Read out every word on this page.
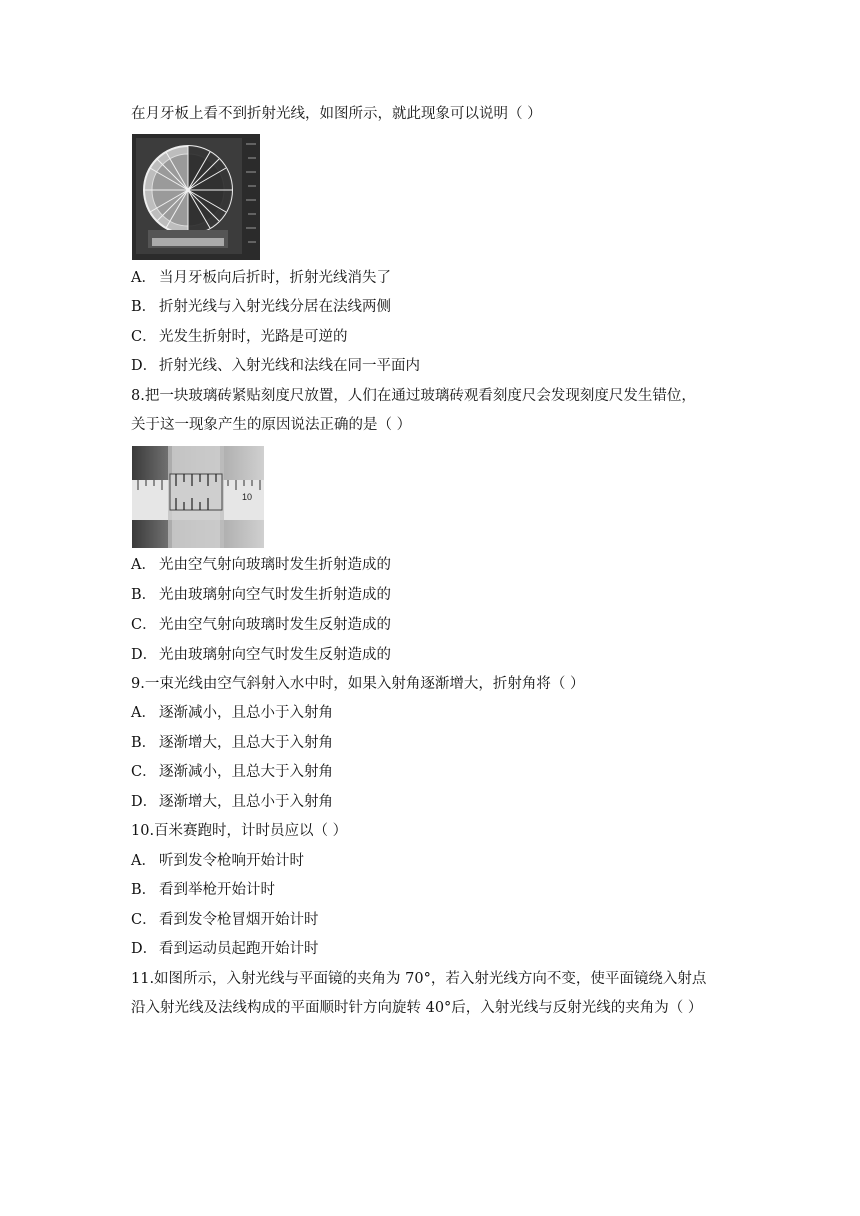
在月牙板上看不到折射光线，如图所示，就此现象可以说明（ ）
A． 当月牙板向后折时，折射光线消失了
B． 折射光线与入射光线分居在法线两侧
C． 光发生折射时，光路是可逆的
D． 折射光线、入射光线和法线在同一平面内
8.把一块玻璃砖紧贴刻度尺放置，人们在通过玻璃砖观看刻度尺会发现刻度尺发生错位，
关于这一现象产生的原因说法正确的是（ ）
10
A． 光由空气射向玻璃时发生折射造成的
B． 光由玻璃射向空气时发生折射造成的
C． 光由空气射向玻璃时发生反射造成的
D． 光由玻璃射向空气时发生反射造成的
9.一束光线由空气斜射入水中时，如果入射角逐渐增大，折射角将（ ）
A． 逐渐减小，且总小于入射角
B． 逐渐增大，且总大于入射角
C． 逐渐减小，且总大于入射角
D． 逐渐增大，且总小于入射角
10.百米赛跑时，计时员应以（ ）
A． 听到发令枪响开始计时
B． 看到举枪开始计时
C． 看到发令枪冒烟开始计时
D． 看到运动员起跑开始计时
11.如图所示，入射光线与平面镜的夹角为 70°，若入射光线方向不变，使平面镜绕入射点
沿入射光线及法线构成的平面顺时针方向旋转 40°后，入射光线与反射光线的夹角为（ ）
